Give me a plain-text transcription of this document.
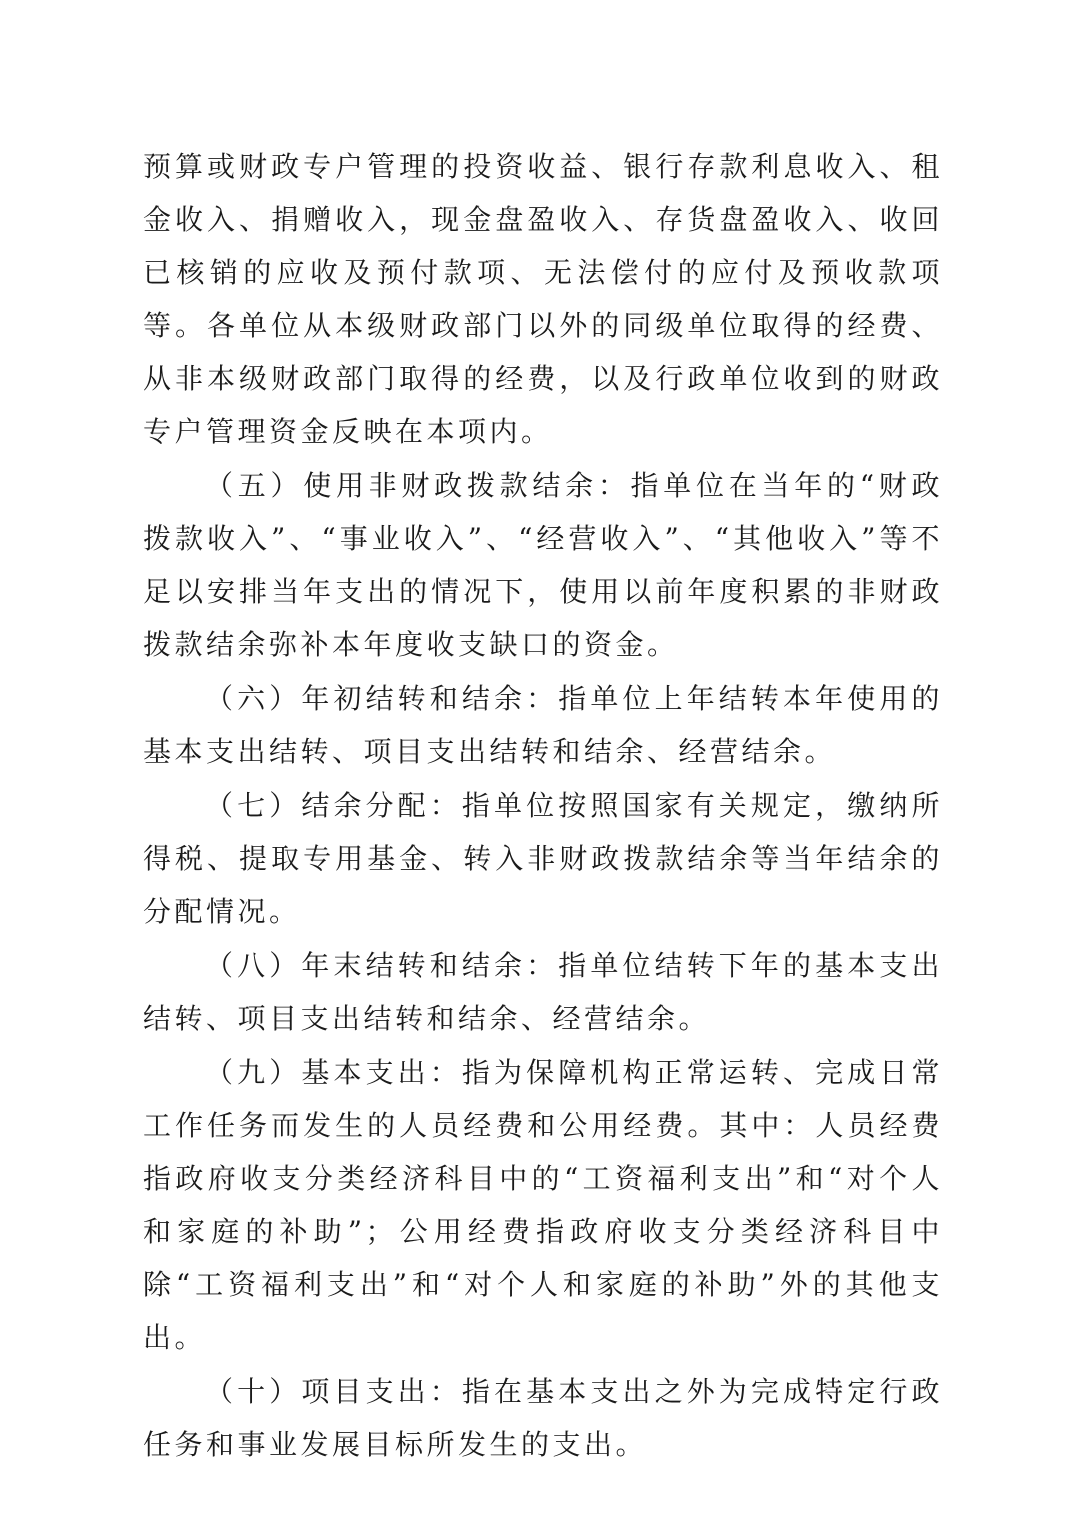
预算或财政专户管理的投资收益、银行存款利息收入、租金收入、捐赠收入，现金盘盈收入、存货盘盈收入、收回已核销的应收及预付款项、无法偿付的应付及预收款项等。各单位从本级财政部门以外的同级单位取得的经费、从非本级财政部门取得的经费，以及行政单位收到的财政专户管理资金反映在本项内。

（五）使用非财政拨款结余：指单位在当年的“财政拨款收入”、“事业收入”、“经营收入”、“其他收入”等不足以安排当年支出的情况下，使用以前年度积累的非财政拨款结余弥补本年度收支缺口的资金。

（六）年初结转和结余：指单位上年结转本年使用的基本支出结转、项目支出结转和结余、经营结余。

（七）结余分配：指单位按照国家有关规定，缴纳所得税、提取专用基金、转入非财政拨款结余等当年结余的分配情况。

（八）年末结转和结余：指单位结转下年的基本支出结转、项目支出结转和结余、经营结余。

（九）基本支出：指为保障机构正常运转、完成日常工作任务而发生的人员经费和公用经费。其中：人员经费指政府收支分类经济科目中的“工资福利支出”和“对个人和家庭的补助”；公用经费指政府收支分类经济科目中除“工资福利支出”和“对个人和家庭的补助”外的其他支出。

（十）项目支出：指在基本支出之外为完成特定行政任务和事业发展目标所发生的支出。
